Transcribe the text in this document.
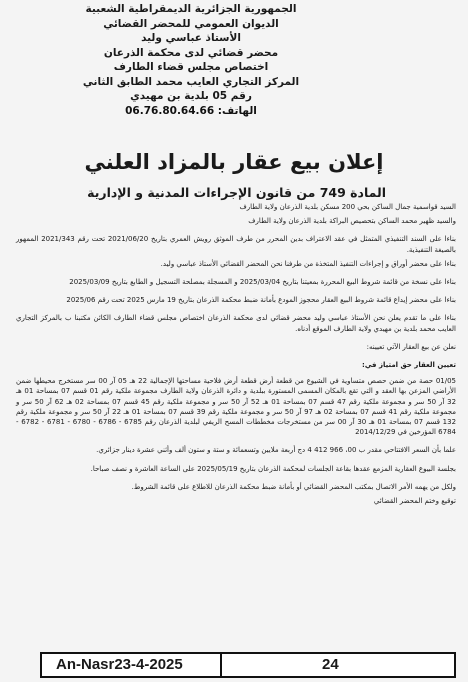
الجمهورية الجزائرية الديمقراطية الشعبية
الديوان العمومي للمحضر القضائي
الأستاذ عباسي وليد
محضر قضائي لدى محكمة الذرعان
اختصاص مجلس قضاء الطارف
المركز التجاري العايب محمد الطابق الثاني
رقم 05 بلدية بن مهيدي
الهاتف: 06.76.80.64.66
إعلان بيع عقار بالمزاد العلني
المادة 749 من قانون الإجراءات المدنية و الإدارية

السيد قواسمية جمال الساكن بحي 200 مسكن بلدية الذرعان ولاية الطارف

والسيد ظهير محمد الساكن بتحصيص البراكة بلدية الذرعان ولاية الطارف

بناءا على السند التنفيذي المتمثل في عقد الاعتراف بدين المحرر من طرف الموثق رويش العمري بتاريخ 2021/06/20 تحت رقم 2021/343 الممهور بالصيغة التنفيذية.

بناءا على محضر أوراق و إجراءات التنفيذ المتخذة من طرفنا نحن المحضر القضائي الأستاذ عباسي وليد.

بناءا على نسخة من قائمة شروط البيع المحررة بمعيتنا بتاريخ 2025/03/04 و المسجلة بمصلحة التسجيل و الطابع بتاريخ 2025/03/09

بناءا على محضر إيداع قائمة شروط البيع العقار محجوز المودع بأمانة ضبط محكمة الذرعان بتاريخ 19 مارس 2025 تحت رقم 2025/06

بناءا على ما تقدم يعلن نحن الأستاذ عباسي وليد محضر قضائي لدى محكمة الذرعان اختصاص مجلس قضاء الطارف الكائن مكتبنا ب بالمركز التجاري العايب محمد بلدية بن مهيدي ولاية الطارف الموقع أدناه.

نعلن عن بيع العقار الآتي تعيينه:

تعيين العقار حق امتياز في:

01/05 حصة من ضمن حصص متساوية في الشيوع من قطعة أرض قطعة أرض فلاحية مساحتها الإجمالية 22 هـ 05 آر 00 سر مستخرج محيطها ضمن الأراضي المزعن بها العقد و التي تقع بالمكان المسمى المستورة ببلدية و دائرة الذرعان ولاية الطارف مجموعة ملكية رقم 01 قسم 07 بمساحة 01 هـ 32 آر 50 سر و مجموعة ملكية رقم 47 قسم 07 بمساحة 01 هـ 52 آر 50 سر و مجموعة ملكية رقم 45 قسم 07 بمساحة 02 هـ 62 آر 50 سر و مجموعة ملكية رقم 41 قسم 07 بمساحة 02 هـ 97 آر 50 سر و مجموعة ملكية رقم 39 قسم 07 بمساحة 01 هـ 22 آر 50 سر و مجموعة ملكية رقم 132 قسم 07 بمساحة 01 هـ 30 آر 00 سر من مستخرجات مخططات المسح الريفي لبلدية الذرعان رقم 6785 - 6786 - 6780 - 6781 - 6782 - 6784 المؤرخين في 2014/12/29

علما بأن السعر الافتتاحي مقدر ب 00، 966 412 4 دج أربعة ملايين وتسعمائة و ستة و ستون ألف وأثني عشرة دينار جزائري.

بجلسة البيوع العقارية المزمع عقدها بقاعة الجلسات لمحكمة الذرعان بتاريخ 2025/05/19 على الساعة العاشرة و نصف صباحا.

ولكل من يهمه الأمر الاتصال بمكتب المحضر القضائي أو بأمانة ضبط محكمة الذرعان للاطلاع على قائمة الشروط.

توقيع وختم المحضر القضائي

An-Nasr23-4-2025	24
